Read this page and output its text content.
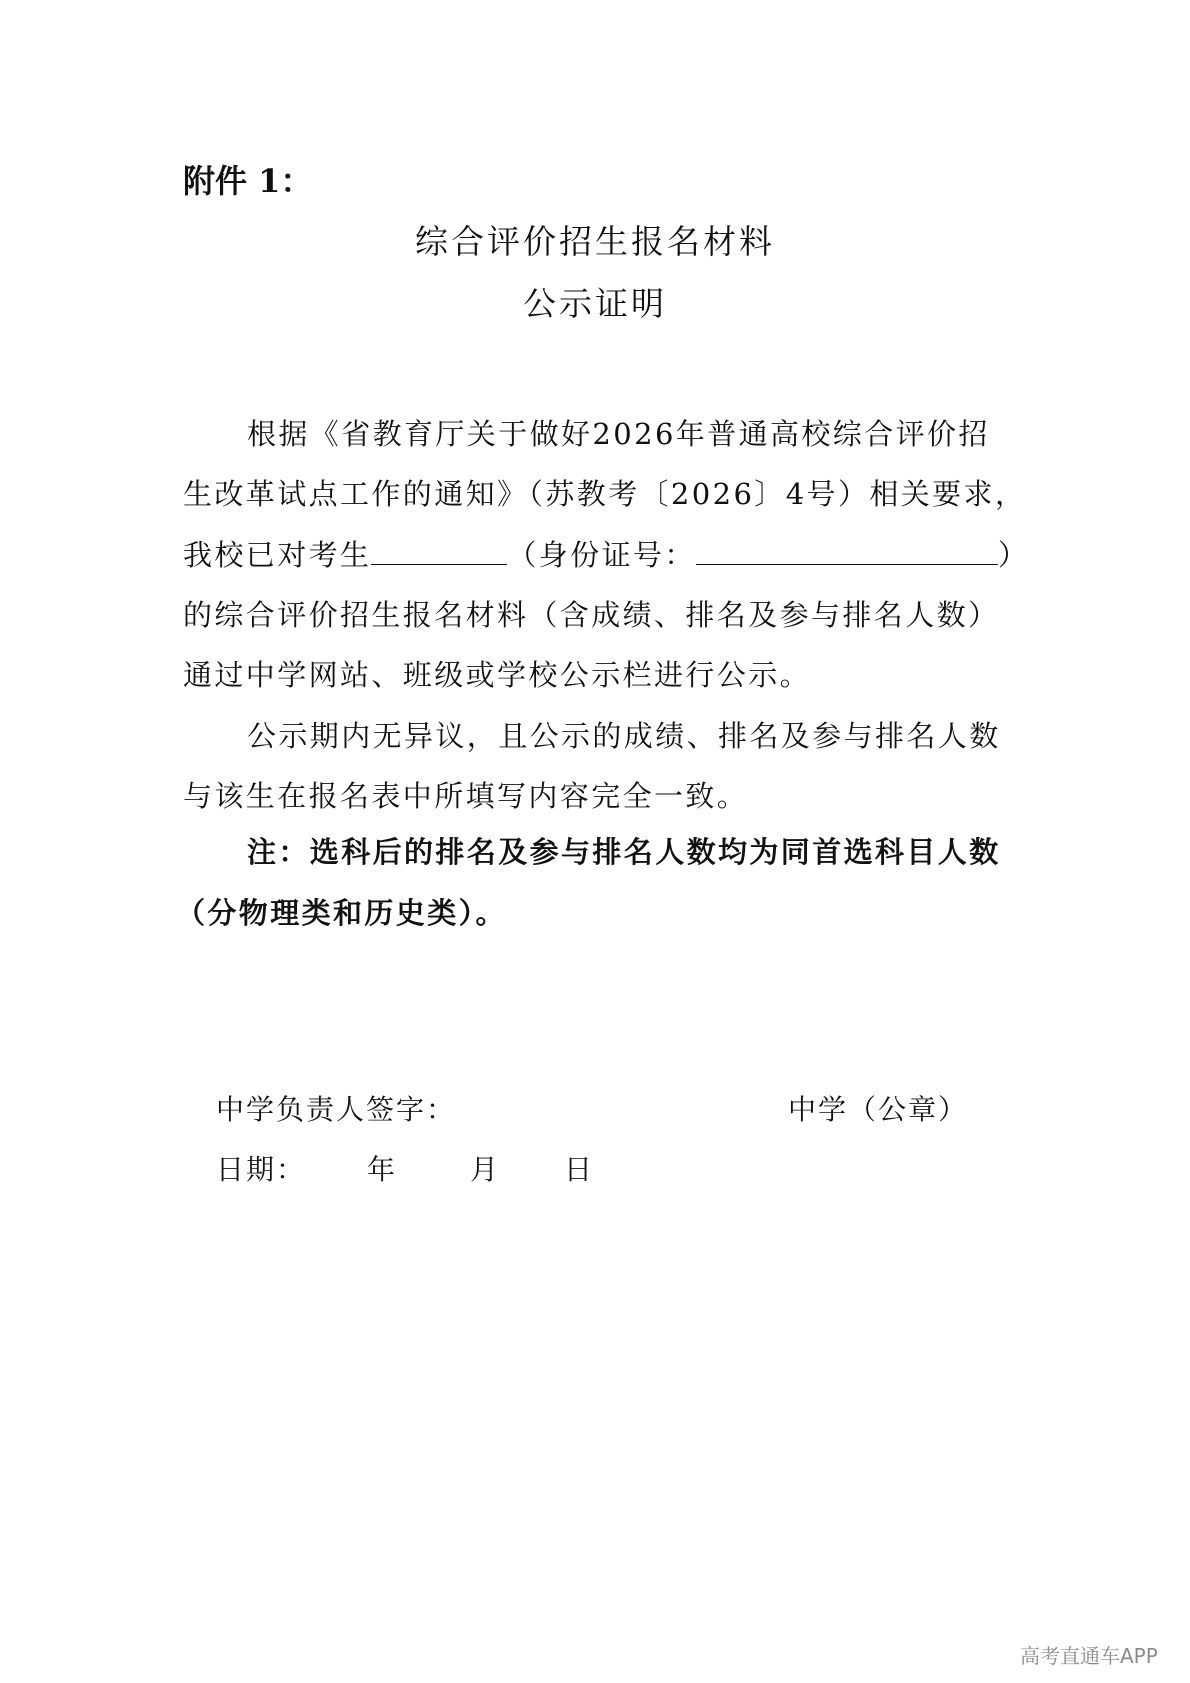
附件 1：
综合评价招生报名材料
公示证明
根据《省教育厅关于做好2026年普通高校综合评价招
生改革试点工作的通知》（苏教考〔2026〕4号）相关要求，
我校已对考生	（身份证号：	）
的综合评价招生报名材料（含成绩、排名及参与排名人数）
通过中学网站、班级或学校公示栏进行公示。
公示期内无异议，且公示的成绩、排名及参与排名人数
与该生在报名表中所填写内容完全一致。
注：选科后的排名及参与排名人数均为同首选科目人数
（分物理类和历史类）。
中学负责人签字：	中学（公章）
日期： 年	月 日
高考直通车APP
